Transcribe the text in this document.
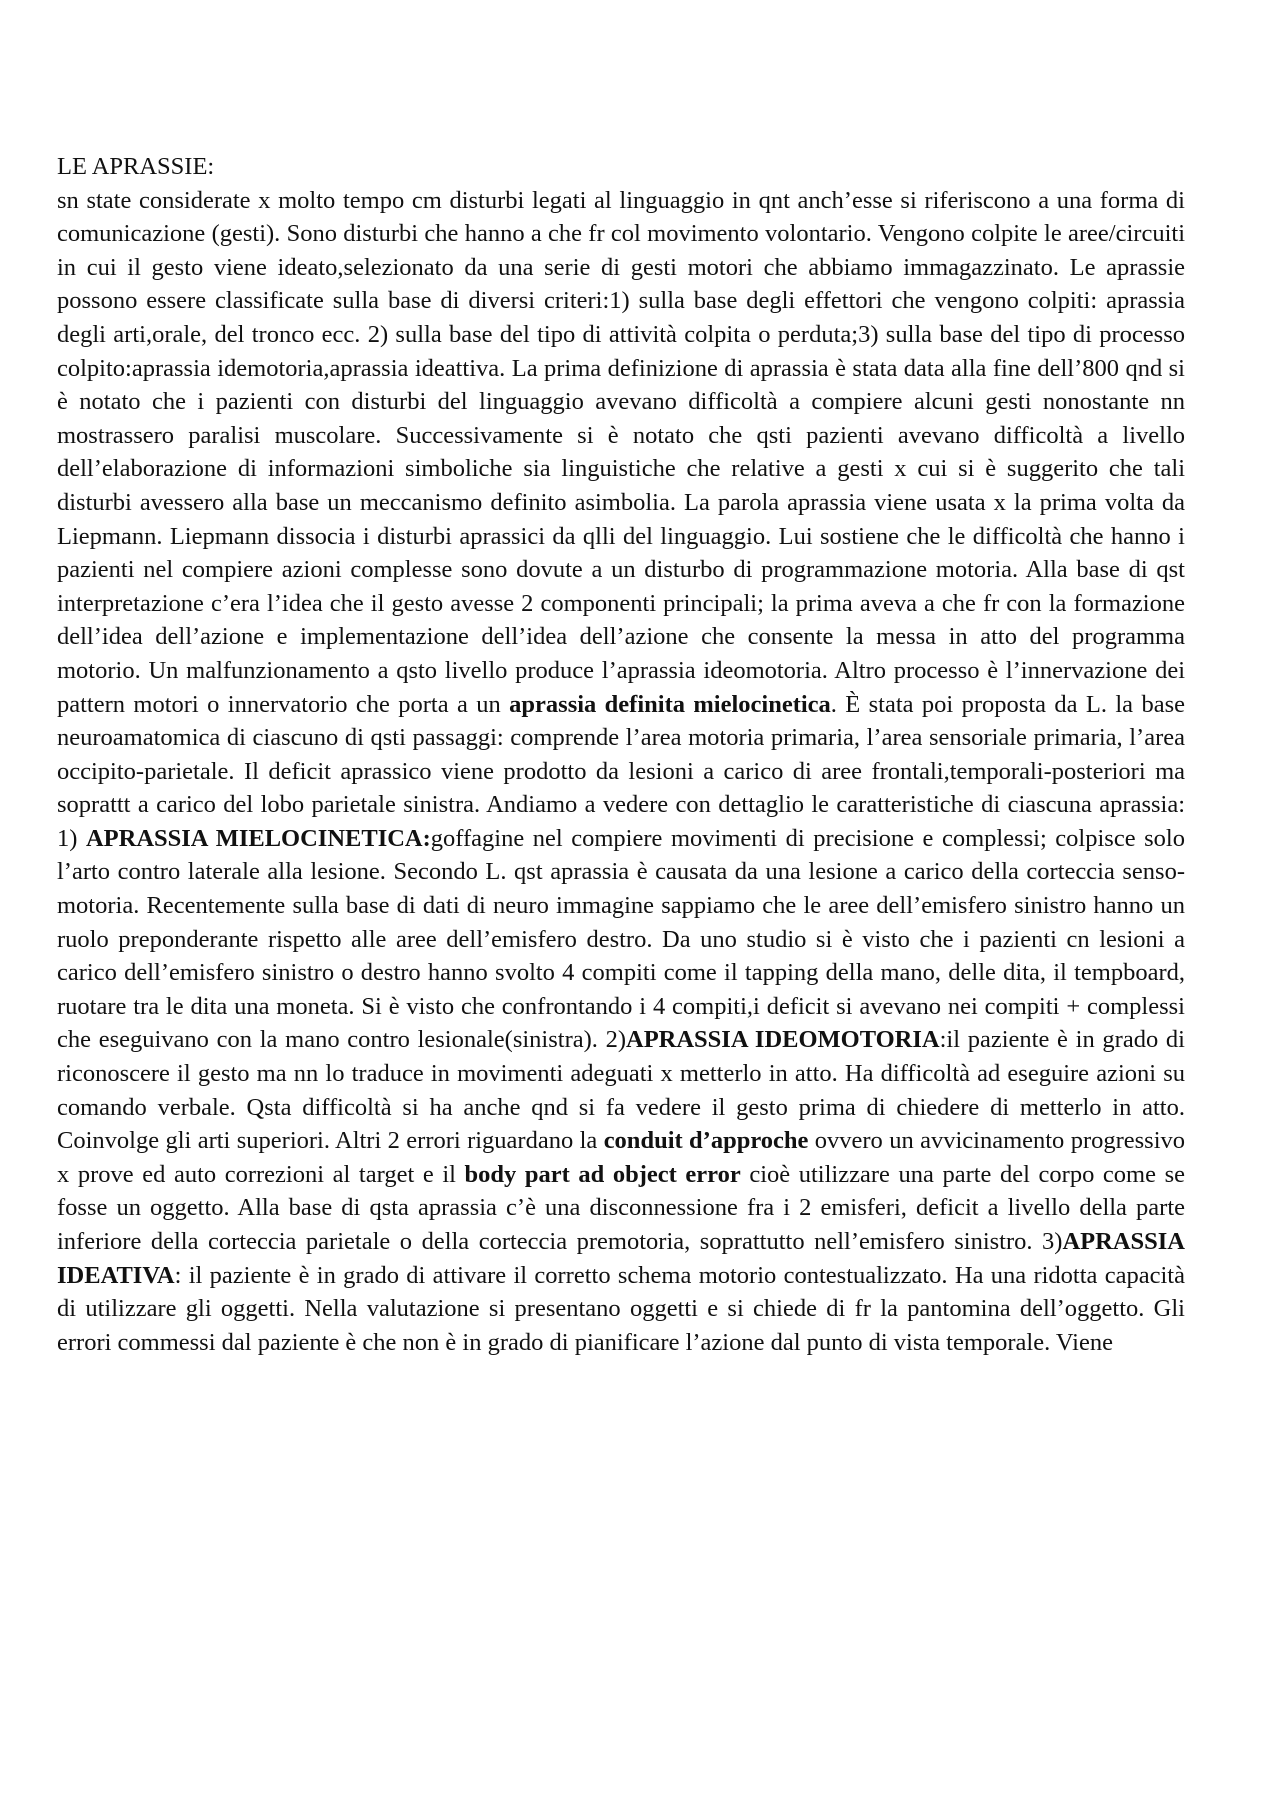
LE APRASSIE:

sn state considerate x molto tempo cm disturbi legati al linguaggio in qnt anch’esse si riferiscono a una forma di comunicazione (gesti). Sono disturbi che hanno a che fr col movimento volontario. Vengono colpite le aree/circuiti in cui il gesto viene ideato,selezionato da una serie di gesti motori che abbiamo immagazzinato. Le aprassie possono essere classificate sulla base di diversi criteri:1) sulla base degli effettori che vengono colpiti: aprassia degli arti,orale, del tronco ecc. 2) sulla base del tipo di attività colpita o perduta;3) sulla base del tipo di processo colpito:aprassia idemotoria,aprassia ideattiva. La prima definizione di aprassia è stata data alla fine dell’800 qnd si è notato che i pazienti con disturbi del linguaggio avevano difficoltà a compiere alcuni gesti nonostante nn mostrassero paralisi muscolare. Successivamente si è notato che qsti pazienti avevano difficoltà a livello dell’elaborazione di informazioni simboliche sia linguistiche che relative a gesti x cui si è suggerito che tali disturbi avessero alla base un meccanismo definito asimbolia. La parola aprassia viene usata x la prima volta da Liepmann. Liepmann dissocia i disturbi aprassici da qlli del linguaggio. Lui sostiene che le difficoltà che hanno i pazienti nel compiere azioni complesse sono dovute a un disturbo di programmazione motoria. Alla base di qst interpretazione c’era l’idea che il gesto avesse 2 componenti principali; la prima aveva a che fr con la formazione dell’idea dell’azione e implementazione dell’idea dell’azione che consente la messa in atto del programma motorio. Un malfunzionamento a qsto livello produce l’aprassia ideomotoria. Altro processo è l’innervazione dei pattern motori o innervatorio che porta a un aprassia definita mielocinetica. È stata poi proposta da L. la base neuroamatomica di ciascuno di qsti passaggi: comprende l’area motoria primaria, l’area sensoriale primaria, l’area occipito-parietale. Il deficit aprassico viene prodotto da lesioni a carico di aree frontali,temporali-posteriori ma soprattt a carico del lobo parietale sinistra. Andiamo a vedere con dettaglio le caratteristiche di ciascuna aprassia: 1) APRASSIA MIELOCINETICA:goffagine nel compiere movimenti di precisione e complessi; colpisce solo l’arto contro laterale alla lesione. Secondo L. qst aprassia è causata da una lesione a carico della corteccia senso-motoria. Recentemente sulla base di dati di neuro immagine sappiamo che le aree dell’emisfero sinistro hanno un ruolo preponderante rispetto alle aree dell’emisfero destro. Da uno studio si è visto che i pazienti cn lesioni a carico dell’emisfero sinistro o destro hanno svolto 4 compiti come il tapping della mano, delle dita, il tempboard, ruotare tra le dita una moneta. Si è visto che confrontando i 4 compiti,i deficit si avevano nei compiti + complessi che eseguivano con la mano contro lesionale(sinistra). 2)APRASSIA IDEOMOTORIA:il paziente è in grado di riconoscere il gesto ma nn lo traduce in movimenti adeguati x metterlo in atto. Ha difficoltà ad eseguire azioni su comando verbale. Qsta difficoltà si ha anche qnd si fa vedere il gesto prima di chiedere di metterlo in atto. Coinvolge gli arti superiori. Altri 2 errori riguardano la conduit d’approche ovvero un avvicinamento progressivo x prove ed auto correzioni al target e il body part ad object error cioè utilizzare una parte del corpo come se fosse un oggetto. Alla base di qsta aprassia c’è una disconnessione fra i 2 emisferi, deficit a livello della parte inferiore della corteccia parietale o della corteccia premotoria, soprattutto nell’emisfero sinistro. 3)APRASSIA IDEATIVA: il paziente è in grado di attivare il corretto schema motorio contestualizzato. Ha una ridotta capacità di utilizzare gli oggetti. Nella valutazione si presentano oggetti e si chiede di fr la pantomina dell’oggetto. Gli errori commessi dal paziente è che non è in grado di pianificare l’azione dal punto di vista temporale. Viene
